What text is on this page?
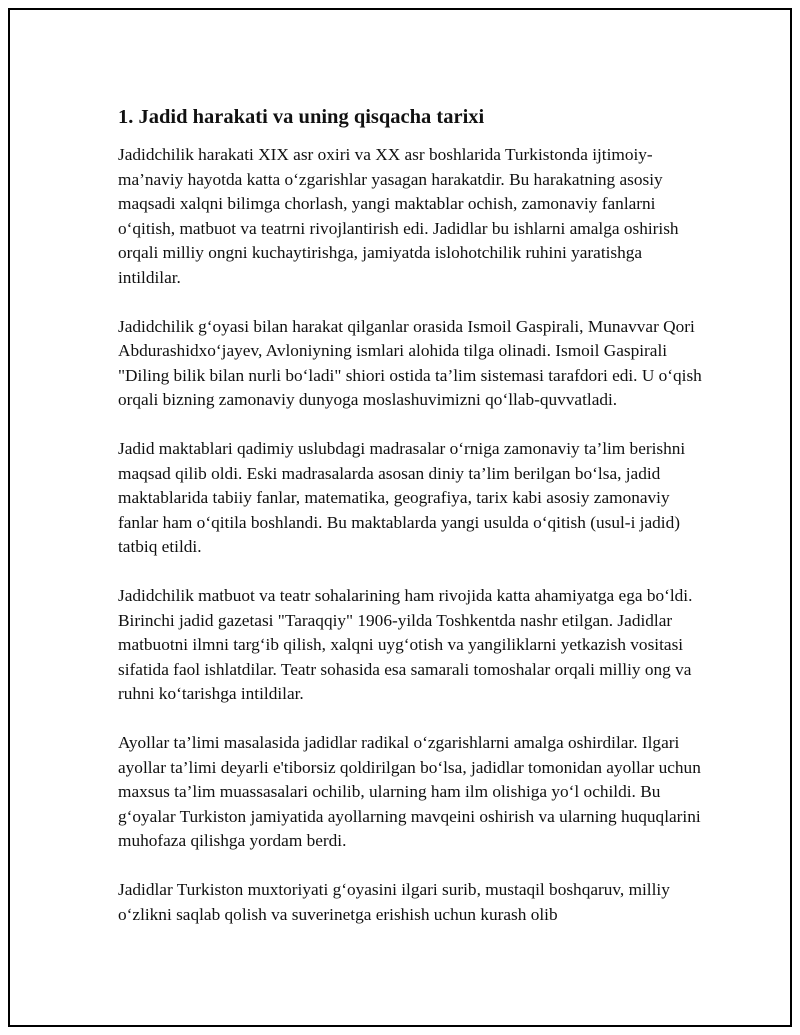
1. Jadid harakati va uning qisqacha tarixi

Jadidchilik harakati XIX asr oxiri va XX asr boshlarida Turkistonda ijtimoiy-ma’naviy hayotda katta o‘zgarishlar yasagan harakatdir. Bu harakatning asosiy maqsadi xalqni bilimga chorlash, yangi maktablar ochish, zamonaviy fanlarni o‘qitish, matbuot va teatrni rivojlantirish edi. Jadidlar bu ishlarni amalga oshirish orqali milliy ongni kuchaytirishga, jamiyatda islohotchilik ruhini yaratishga intildilar.

Jadidchilik g‘oyasi bilan harakat qilganlar orasida Ismoil Gaspirali, Munavvar Qori Abdurashidxo‘jayev, Avloniyning ismlari alohida tilga olinadi. Ismoil Gaspirali "Diling bilik bilan nurli bo‘ladi" shiori ostida ta’lim sistemasi tarafdori edi. U o‘qish orqali bizning zamonaviy dunyoga moslashuvimizni qo‘llab-quvvatladi.

Jadid maktablari qadimiy uslubdagi madrasalar o‘rniga zamonaviy ta’lim berishni maqsad qilib oldi. Eski madrasalarda asosan diniy ta’lim berilgan bo‘lsa, jadid maktablarida tabiiy fanlar, matematika, geografiya, tarix kabi asosiy zamonaviy fanlar ham o‘qitila boshlandi. Bu maktablarda yangi usulda o‘qitish (usul-i jadid) tatbiq etildi.

Jadidchilik matbuot va teatr sohalarining ham rivojida katta ahamiyatga ega bo‘ldi. Birinchi jadid gazetasi "Taraqqiy" 1906-yilda Toshkentda nashr etilgan. Jadidlar matbuotni ilmni targ‘ib qilish, xalqni uyg‘otish va yangiliklarni yetkazish vositasi sifatida faol ishlatdilar. Teatr sohasida esa samarali tomoshalar orqali milliy ong va ruhni ko‘tarishga intildilar.

Ayollar ta’limi masalasida jadidlar radikal o‘zgarishlarni amalga oshirdilar. Ilgari ayollar ta’limi deyarli e'tiborsiz qoldirilgan bo‘lsa, jadidlar tomonidan ayollar uchun maxsus ta’lim muassasalari ochilib, ularning ham ilm olishiga yo‘l ochildi. Bu g‘oyalar Turkiston jamiyatida ayollarning mavqeini oshirish va ularning huquqlarini muhofaza qilishga yordam berdi.

Jadidlar Turkiston muxtoriyati g‘oyasini ilgari surib, mustaqil boshqaruv, milliy o‘zlikni saqlab qolish va suverinetga erishish uchun kurash olib
